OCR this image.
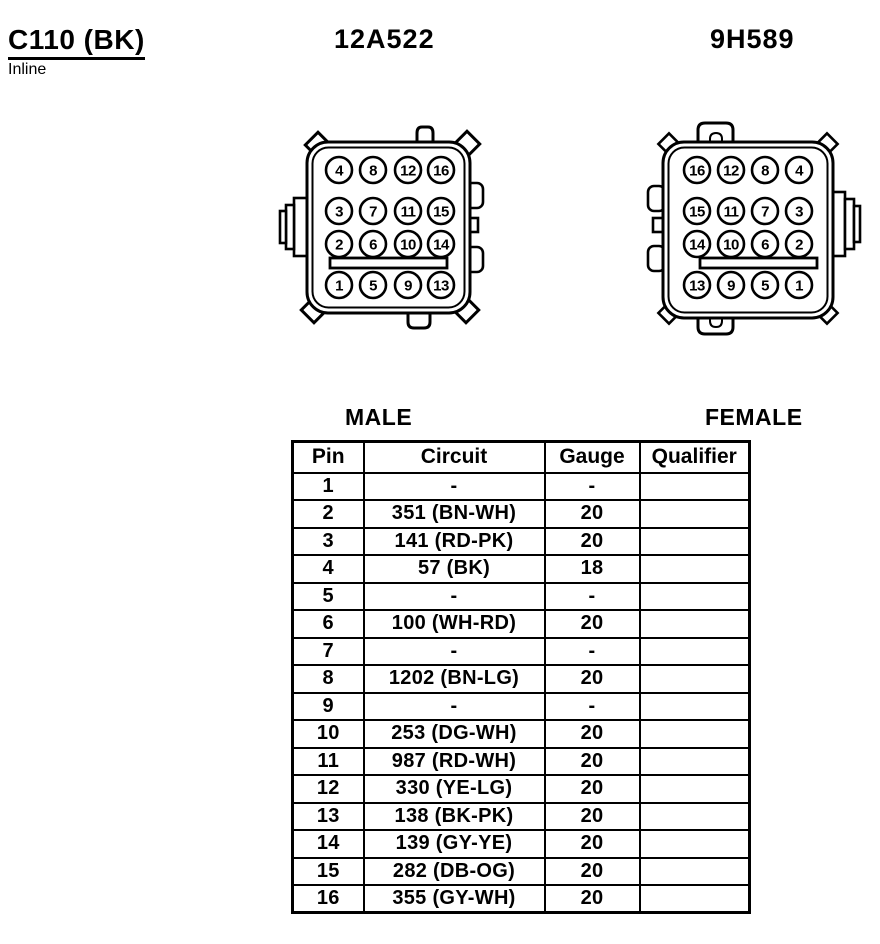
C110 (BK)
Inline
12A522	9H589
4 8 12 16
3 7 11 15
2 6 10 14
1 5 9 13
16 12 8 4
15 11 7 3
14 10 6 2
13 9 5 1
MALE	FEMALE
Pin	Circuit	Gauge	Qualifier
1	-	-	
2	351 (BN-WH)	20	
3	141 (RD-PK)	20	
4	57 (BK)	18	
5	-	-	
6	100 (WH-RD)	20	
7	-	-	
8	1202 (BN-LG)	20	
9	-	-	
10	253 (DG-WH)	20	
11	987 (RD-WH)	20	
12	330 (YE-LG)	20	
13	138 (BK-PK)	20	
14	139 (GY-YE)	20	
15	282 (DB-OG)	20	
16	355 (GY-WH)	20	
